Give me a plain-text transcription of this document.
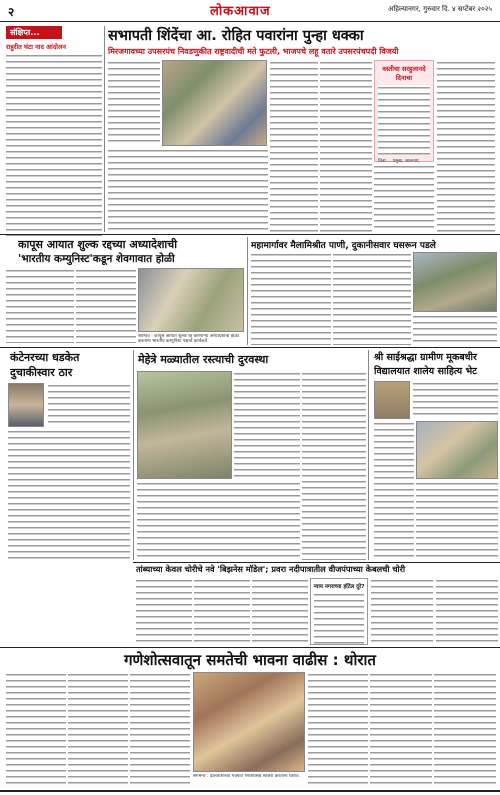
२	लोकआवाज	अहिल्यानगर, गुरुवार दि. ४ सप्टेंबर २०२५
संक्षिप्त...
राहुरीत घंटा नाद आंदोलन
सभापती शिंदेंचा आ. रोहित पवारांना पुन्हा धक्का
मिरजगावच्या उपसरपंच निवडणुकीत राष्ट्रवादीची मते फुटली, भाजपचे लहू वतारे उपसरपंचपदी विजयी
वस्तीचा सरहुलानदे दिनाचा
चित्रा ... प्रमुख, जालनाय,
कापूस आयात शुल्क रद्दच्या अध्यादेशाची
'भारतीय कम्युनिस्ट'कडून शेवगावात होळी
शेवगाव : कापूस आयात शुल्क रद्द करणाऱ्या अध्यादेशाची होळी करताना भारतीय कम्युनिस्ट पक्षाचे कार्यकर्ते.
महामार्गावर मैलामिश्रीत पाणी, दुकानीसवार घसरून पडले
कंटेनरच्या धडकेत
दुचाकीस्वार ठार
मेहेत्रे मळ्यातील रस्त्याची दुरवस्था	श्री साईश्रद्धा ग्रामीण मूकबधीर
विद्यालयात शालेय साहित्य भेट
तांब्याच्या केवल चोरीचे नवे 'बिझनेस मॉडेल'; प्रवरा नदीपात्रातील वीजपंपाच्या केबलची चोरी
न्याय नगराच्या हॉटेल दूरे?
गणेशोत्सवातून समतेची भावना वाढीस : थोरात
संगमनेर : ढोलताशांच्या गजरात गणेशोत्सव साजरा करताना थोरात.
